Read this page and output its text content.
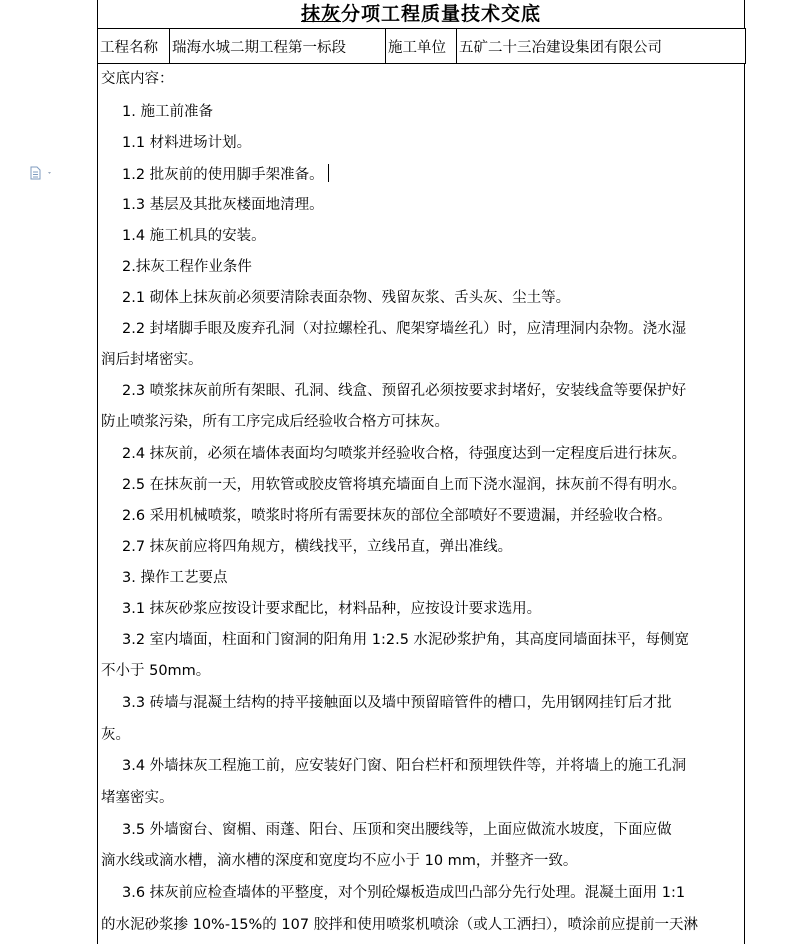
抹灰分项工程质量技术交底
工程名称	瑞海水城二期工程第一标段	施工单位	五矿二十三冶建设集团有限公司
交底内容：
1. 施工前准备
1.1 材料进场计划。
1.2 批灰前的使用脚手架准备。
1.3 基层及其批灰楼面地清理。
1.4 施工机具的安装。
2.抹灰工程作业条件
2.1 砌体上抹灰前必须要清除表面杂物、残留灰浆、舌头灰、尘土等。
2.2 封堵脚手眼及废弃孔洞（对拉螺栓孔、爬架穿墙丝孔）时，应清理洞内杂物。浇水湿
润后封堵密实。
2.3 喷浆抹灰前所有架眼、孔洞、线盒、预留孔必须按要求封堵好，安装线盒等要保护好
防止喷浆污染，所有工序完成后经验收合格方可抹灰。
2.4 抹灰前，必须在墙体表面均匀喷浆并经验收合格，待强度达到一定程度后进行抹灰。
2.5 在抹灰前一天，用软管或胶皮管将填充墙面自上而下浇水湿润，抹灰前不得有明水。
2.6 采用机械喷浆，喷浆时将所有需要抹灰的部位全部喷好不要遗漏，并经验收合格。
2.7 抹灰前应将四角规方，横线找平，立线吊直，弹出准线。
3. 操作工艺要点
3.1 抹灰砂浆应按设计要求配比，材料品种，应按设计要求选用。
3.2 室内墙面，柱面和门窗洞的阳角用 1:2.5 水泥砂浆护角，其高度同墙面抹平，每侧宽
不小于 50mm。
3.3 砖墙与混凝土结构的持平接触面以及墙中预留暗管件的槽口，先用钢网挂钉后才批
灰。
3.4 外墙抹灰工程施工前，应安装好门窗、阳台栏杆和预埋铁件等，并将墙上的施工孔洞
堵塞密实。
3.5 外墙窗台、窗楣、雨蓬、阳台、压顶和突出腰线等，上面应做流水坡度，下面应做
滴水线或滴水槽，滴水槽的深度和宽度均不应小于 10 mm，并整齐一致。
3.6 抹灰前应检查墙体的平整度，对个别砼爆板造成凹凸部分先行处理。混凝土面用 1:1
的水泥砂浆掺 10%-15%的 107 胶拌和使用喷浆机喷涂（或人工洒扫），喷涂前应提前一天淋
